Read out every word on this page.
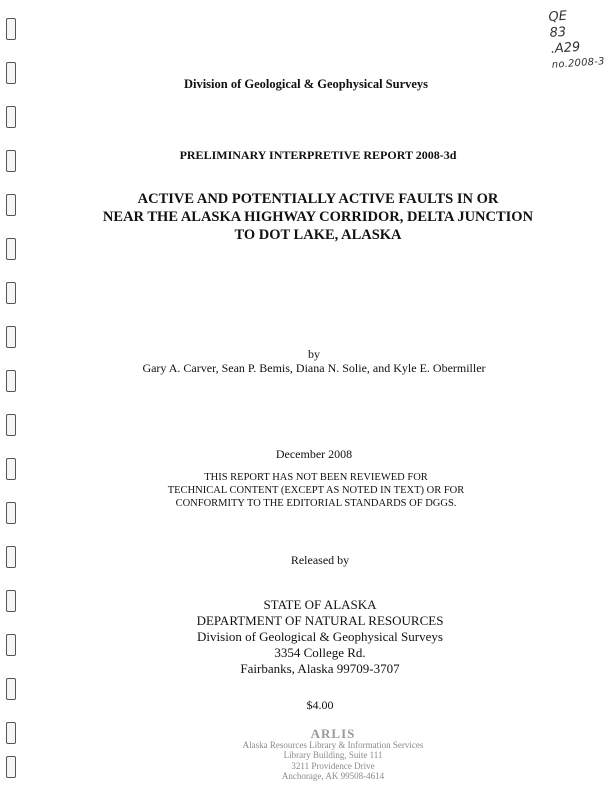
QE
83
.A29
no.2008-3
Division of Geological & Geophysical Surveys
PRELIMINARY INTERPRETIVE REPORT 2008-3d
ACTIVE AND POTENTIALLY ACTIVE FAULTS IN OR
NEAR THE ALASKA HIGHWAY CORRIDOR, DELTA JUNCTION
TO DOT LAKE, ALASKA
by
Gary A. Carver, Sean P. Bemis, Diana N. Solie, and Kyle E. Obermiller
December 2008
THIS REPORT HAS NOT BEEN REVIEWED FOR
TECHNICAL CONTENT (EXCEPT AS NOTED IN TEXT) OR FOR
CONFORMITY TO THE EDITORIAL STANDARDS OF DGGS.
Released by
STATE OF ALASKA
DEPARTMENT OF NATURAL RESOURCES
Division of Geological & Geophysical Surveys
3354 College Rd.
Fairbanks, Alaska 99709-3707
$4.00
ARLIS
Alaska Resources Library & Information Services
Library Building, Suite 111
3211 Providence Drive
Anchorage, AK 99508-4614
